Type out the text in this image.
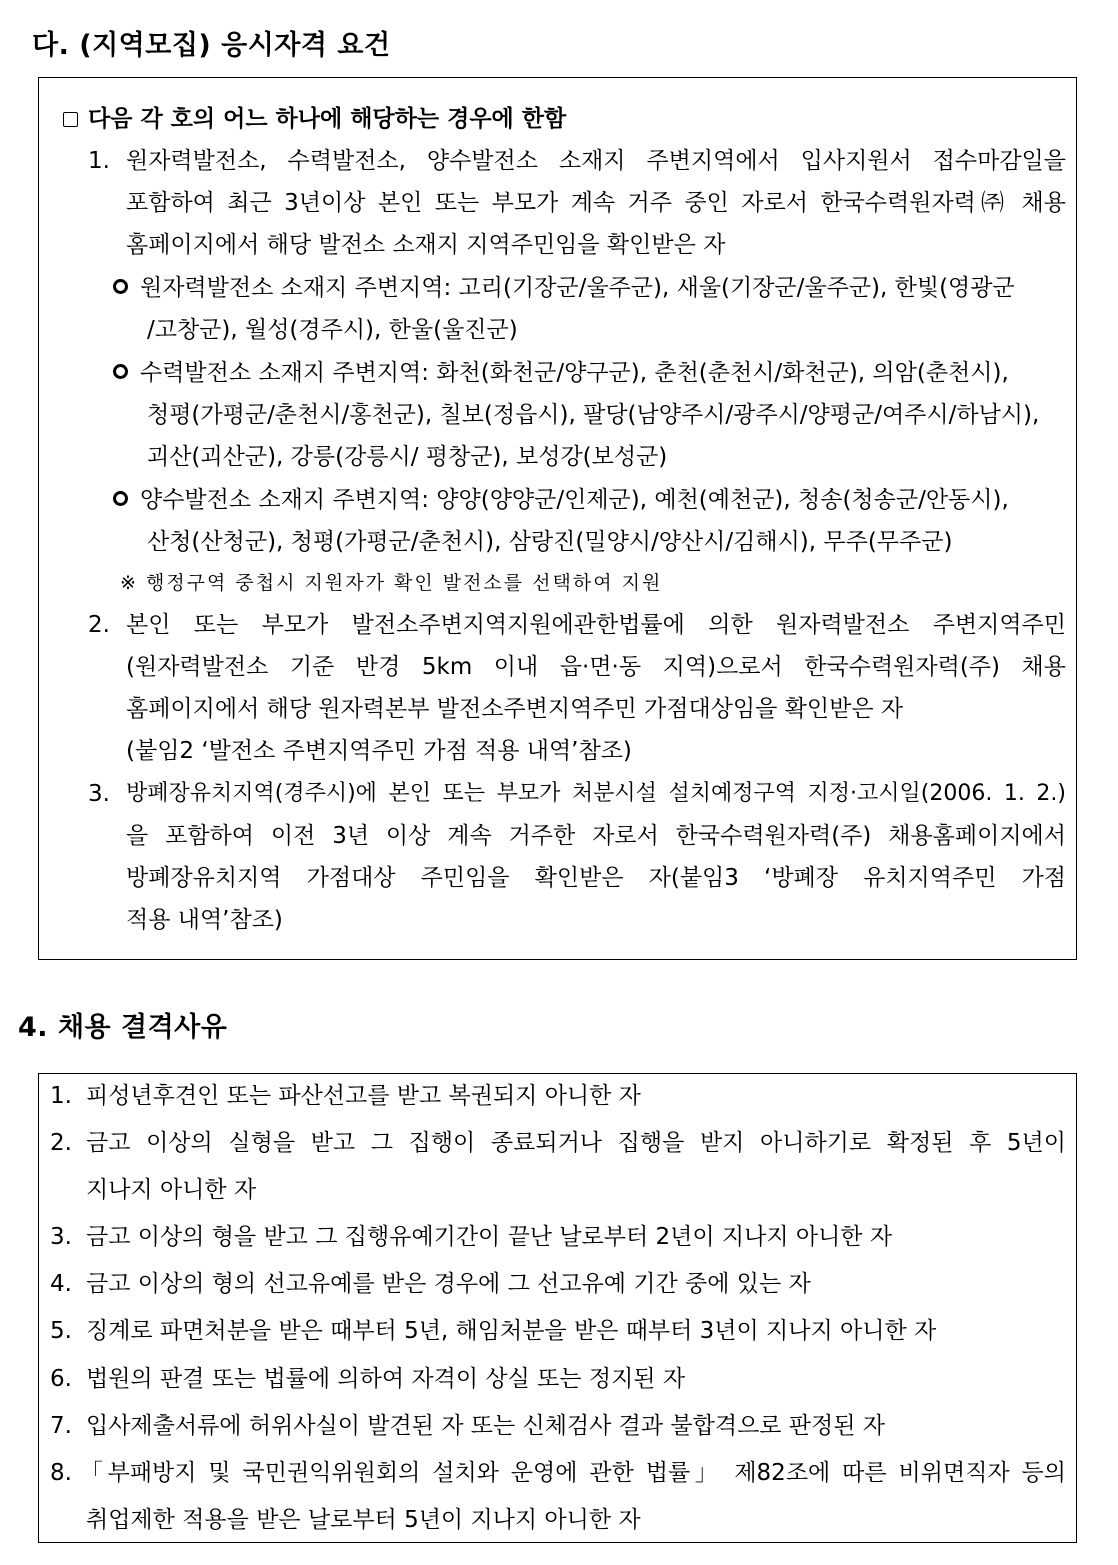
다. (지역모집) 응시자격 요건
다음 각 호의 어느 하나에 해당하는 경우에 한함
1. 원자력발전소, 수력발전소, 양수발전소 소재지 주변지역에서 입사지원서 접수마감일을
포함하여 최근 3년이상 본인 또는 부모가 계속 거주 중인 자로서 한국수력원자력㈜ 채용
홈페이지에서 해당 발전소 소재지 지역주민임을 확인받은 자
원자력발전소 소재지 주변지역: 고리(기장군/울주군), 새울(기장군/울주군), 한빛(영광군
/고창군), 월성(경주시), 한울(울진군)
수력발전소 소재지 주변지역: 화천(화천군/양구군), 춘천(춘천시/화천군), 의암(춘천시),
청평(가평군/춘천시/홍천군), 칠보(정읍시), 팔당(남양주시/광주시/양평군/여주시/하남시),
괴산(괴산군), 강릉(강릉시/ 평창군), 보성강(보성군)
양수발전소 소재지 주변지역: 양양(양양군/인제군), 예천(예천군), 청송(청송군/안동시),
산청(산청군), 청평(가평군/춘천시), 삼랑진(밀양시/양산시/김해시), 무주(무주군)
※ 행정구역 중첩시 지원자가 확인 발전소를 선택하여 지원
2. 본인 또는 부모가 발전소주변지역지원에관한법률에 의한 원자력발전소 주변지역주민
(원자력발전소 기준 반경 5km 이내 읍·면·동 지역)으로서 한국수력원자력(주) 채용
홈페이지에서 해당 원자력본부 발전소주변지역주민 가점대상임을 확인받은 자
(붙임2 ‘발전소 주변지역주민 가점 적용 내역’참조)
3. 방폐장유치지역(경주시)에 본인 또는 부모가 처분시설 설치예정구역 지정·고시일(2006. 1. 2.)
을 포함하여 이전 3년 이상 계속 거주한 자로서 한국수력원자력(주) 채용홈페이지에서
방폐장유치지역 가점대상 주민임을 확인받은 자(붙임3 ‘방폐장 유치지역주민 가점
적용 내역’참조)
4. 채용 결격사유
1. 피성년후견인 또는 파산선고를 받고 복권되지 아니한 자
2. 금고 이상의 실형을 받고 그 집행이 종료되거나 집행을 받지 아니하기로 확정된 후 5년이
지나지 아니한 자
3. 금고 이상의 형을 받고 그 집행유예기간이 끝난 날로부터 2년이 지나지 아니한 자
4. 금고 이상의 형의 선고유예를 받은 경우에 그 선고유예 기간 중에 있는 자
5. 징계로 파면처분을 받은 때부터 5년, 해임처분을 받은 때부터 3년이 지나지 아니한 자
6. 법원의 판결 또는 법률에 의하여 자격이 상실 또는 정지된 자
7. 입사제출서류에 허위사실이 발견된 자 또는 신체검사 결과 불합격으로 판정된 자
8. 「부패방지 및 국민권익위원회의 설치와 운영에 관한 법률」 제82조에 따른 비위면직자 등의
취업제한 적용을 받은 날로부터 5년이 지나지 아니한 자
